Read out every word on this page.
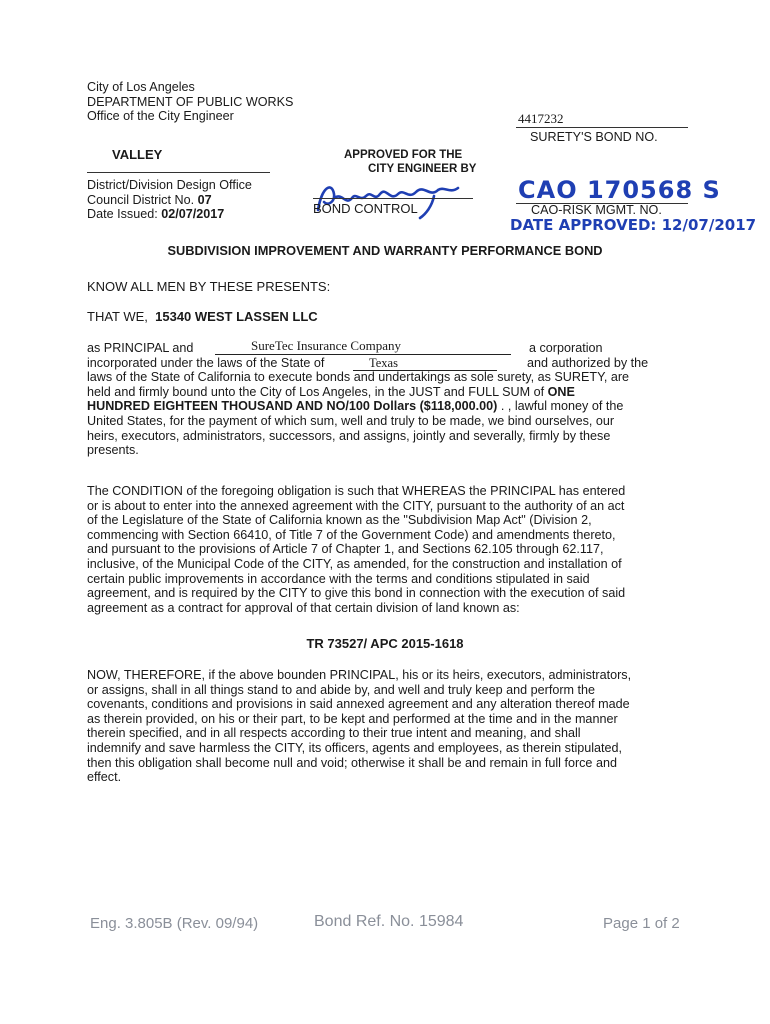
City of Los Angeles
DEPARTMENT OF PUBLIC WORKS
Office of the City Engineer
VALLEY
District/Division Design Office
Council District No. 07
Date Issued: 02/07/2017
APPROVED FOR THE
CITY ENGINEER BY
BOND CONTROL
4417232
SURETY'S BOND NO.
CAO 170568 S
CAO-RISK MGMT. NO.
DATE APPROVED: 12/07/2017
SUBDIVISION IMPROVEMENT AND WARRANTY PERFORMANCE BOND
KNOW ALL MEN BY THESE PRESENTS:
THAT WE, 15340 WEST LASSEN LLC
as PRINCIPAL and	SureTec Insurance Company	a corporation
incorporated under the laws of the State of	Texas	and authorized by the
laws of the State of California to execute bonds and undertakings as sole surety, as SURETY, are
held and firmly bound unto the City of Los Angeles, in the JUST and FULL SUM of ONE
HUNDRED EIGHTEEN THOUSAND AND NO/100 Dollars ($118,000.00) . , lawful money of the
United States, for the payment of which sum, well and truly to be made, we bind ourselves, our
heirs, executors, administrators, successors, and assigns, jointly and severally, firmly by these
presents.
The CONDITION of the foregoing obligation is such that WHEREAS the PRINCIPAL has entered
or is about to enter into the annexed agreement with the CITY, pursuant to the authority of an act
of the Legislature of the State of California known as the "Subdivision Map Act" (Division 2,
commencing with Section 66410, of Title 7 of the Government Code) and amendments thereto,
and pursuant to the provisions of Article 7 of Chapter 1, and Sections 62.105 through 62.117,
inclusive, of the Municipal Code of the CITY, as amended, for the construction and installation of
certain public improvements in accordance with the terms and conditions stipulated in said
agreement, and is required by the CITY to give this bond in connection with the execution of said
agreement as a contract for approval of that certain division of land known as:
TR 73527/ APC 2015-1618
NOW, THEREFORE, if the above bounden PRINCIPAL, his or its heirs, executors, administrators,
or assigns, shall in all things stand to and abide by, and well and truly keep and perform the
covenants, conditions and provisions in said annexed agreement and any alteration thereof made
as therein provided, on his or their part, to be kept and performed at the time and in the manner
therein specified, and in all respects according to their true intent and meaning, and shall
indemnify and save harmless the CITY, its officers, agents and employees, as therein stipulated,
then this obligation shall become null and void; otherwise it shall be and remain in full force and
effect.
Eng. 3.805B (Rev. 09/94)	Bond Ref. No. 15984	Page 1 of 2
